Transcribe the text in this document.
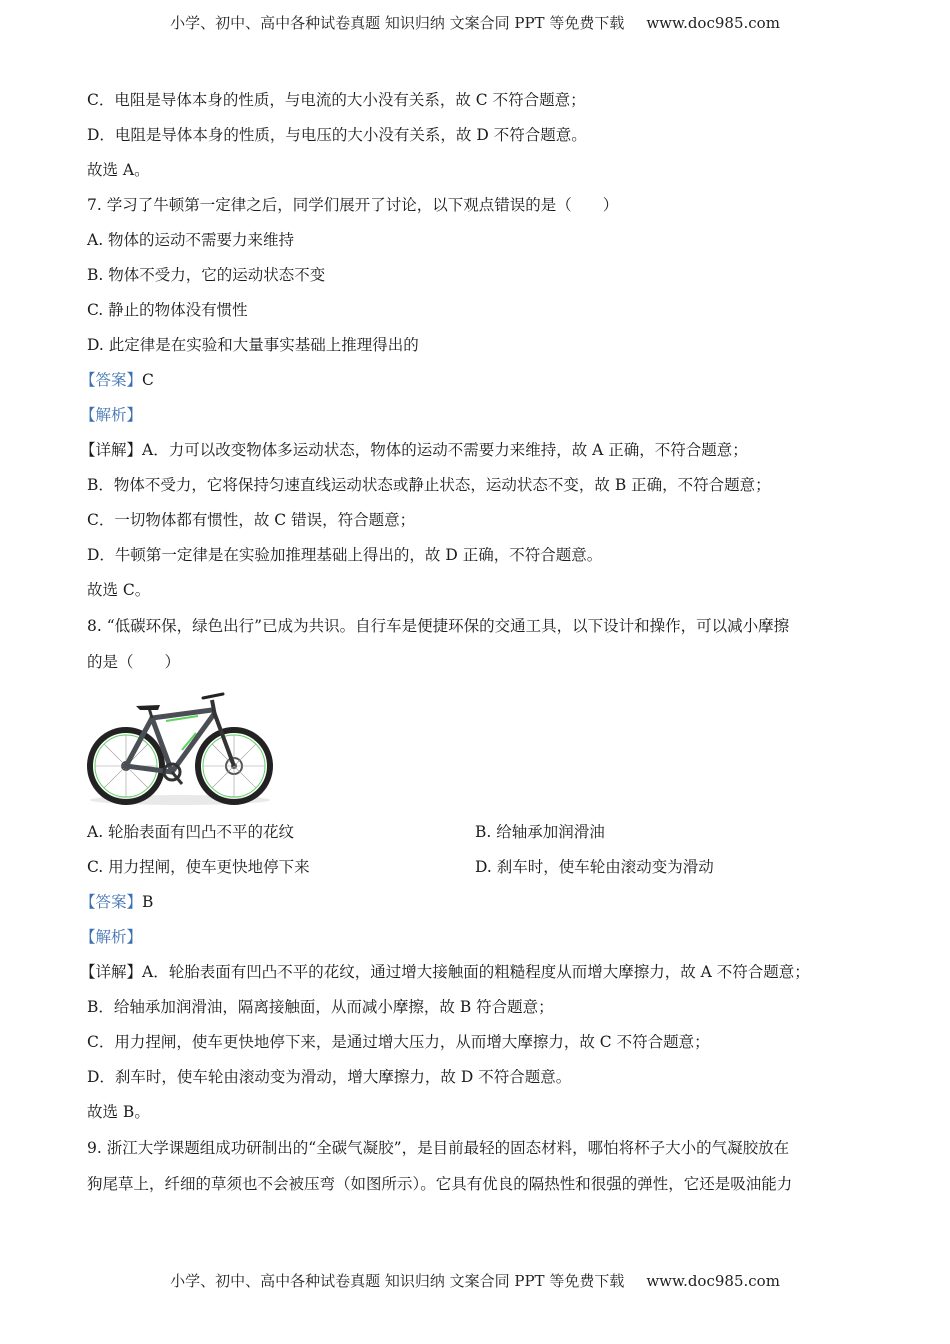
小学、初中、高中各种试卷真题 知识归纳 文案合同 PPT 等免费下载 www.doc985.com
C．电阻是导体本身的性质，与电流的大小没有关系，故 C 不符合题意；
D．电阻是导体本身的性质，与电压的大小没有关系，故 D 不符合题意。
故选 A。
7. 学习了牛顿第一定律之后，同学们展开了讨论，以下观点错误的是（　　）
A. 物体的运动不需要力来维持
B. 物体不受力，它的运动状态不变
C. 静止的物体没有惯性
D. 此定律是在实验和大量事实基础上推理得出的
【答案】C
【解析】
【详解】A．力可以改变物体多运动状态，物体的运动不需要力来维持，故 A 正确，不符合题意；
B．物体不受力，它将保持匀速直线运动状态或静止状态，运动状态不变，故 B 正确，不符合题意；
C．一切物体都有惯性，故 C 错误，符合题意；
D．牛顿第一定律是在实验加推理基础上得出的，故 D 正确，不符合题意。
故选 C。
8. “低碳环保，绿色出行”已成为共识。自行车是便捷环保的交通工具，以下设计和操作，可以减小摩擦
的是（　　）
A. 轮胎表面有凹凸不平的花纹	B. 给轴承加润滑油
C. 用力捏闸，使车更快地停下来	D. 刹车时，使车轮由滚动变为滑动
【答案】B
【解析】
【详解】A．轮胎表面有凹凸不平的花纹，通过增大接触面的粗糙程度从而增大摩擦力，故 A 不符合题意；
B．给轴承加润滑油，隔离接触面，从而减小摩擦，故 B 符合题意；
C．用力捏闸，使车更快地停下来，是通过增大压力，从而增大摩擦力，故 C 不符合题意；
D．刹车时，使车轮由滚动变为滑动，增大摩擦力，故 D 不符合题意。
故选 B。
9. 浙江大学课题组成功研制出的“全碳气凝胶”，是目前最轻的固态材料，哪怕将杯子大小的气凝胶放在
狗尾草上，纤细的草须也不会被压弯（如图所示）。它具有优良的隔热性和很强的弹性，它还是吸油能力
小学、初中、高中各种试卷真题 知识归纳 文案合同 PPT 等免费下载 www.doc985.com
